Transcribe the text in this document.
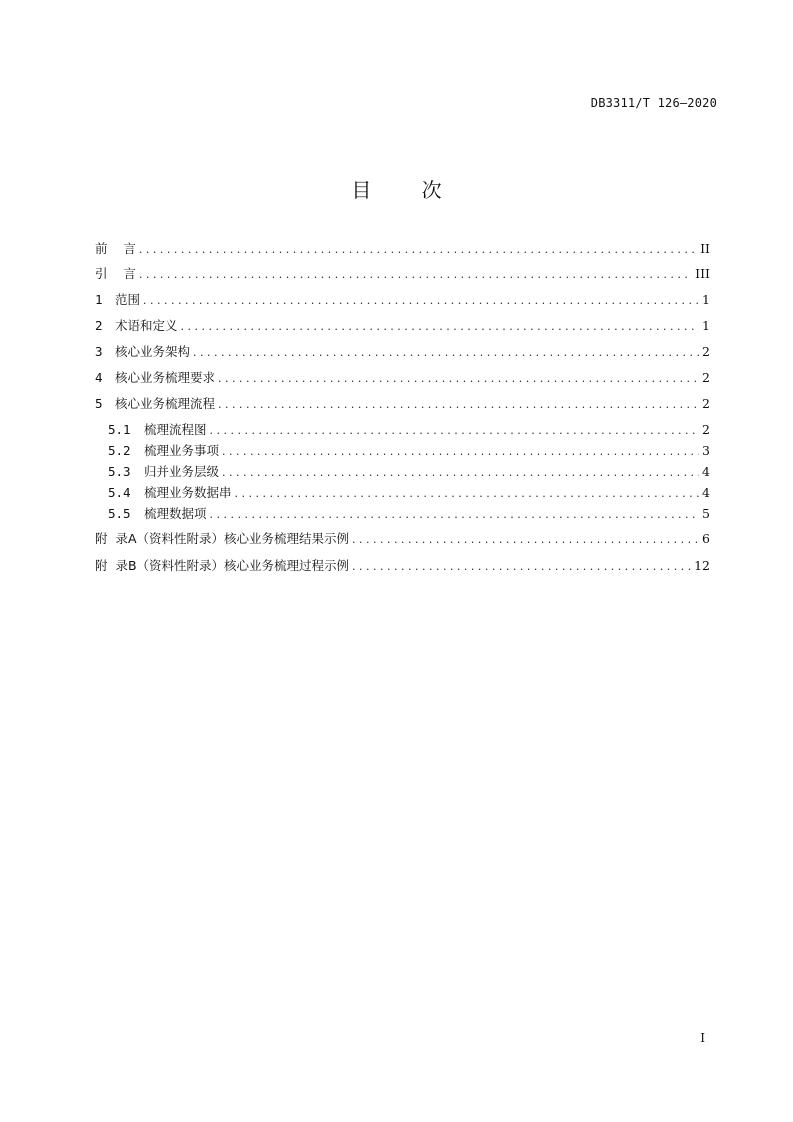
DB3311/T 126—2020
目 次
前    言 . . .	II
引    言 . . .	III
1 范围 . . .	1
2 术语和定义 . . .	1
3 核心业务架构 . . .	2
4 核心业务梳理要求 . . .	2
5 核心业务梳理流程 . . .	2
5.1	梳理流程图 . . .	2
5.2	梳理业务事项 . . .	3
5.3	归并业务层级 . . .	4
5.4	梳理业务数据串 . . .	4
5.5	梳理数据项 . . .	5
附  录A（资料性附录）核心业务梳理结果示例 . . .	6
附  录B（资料性附录）核心业务梳理过程示例 . . .	12
I
